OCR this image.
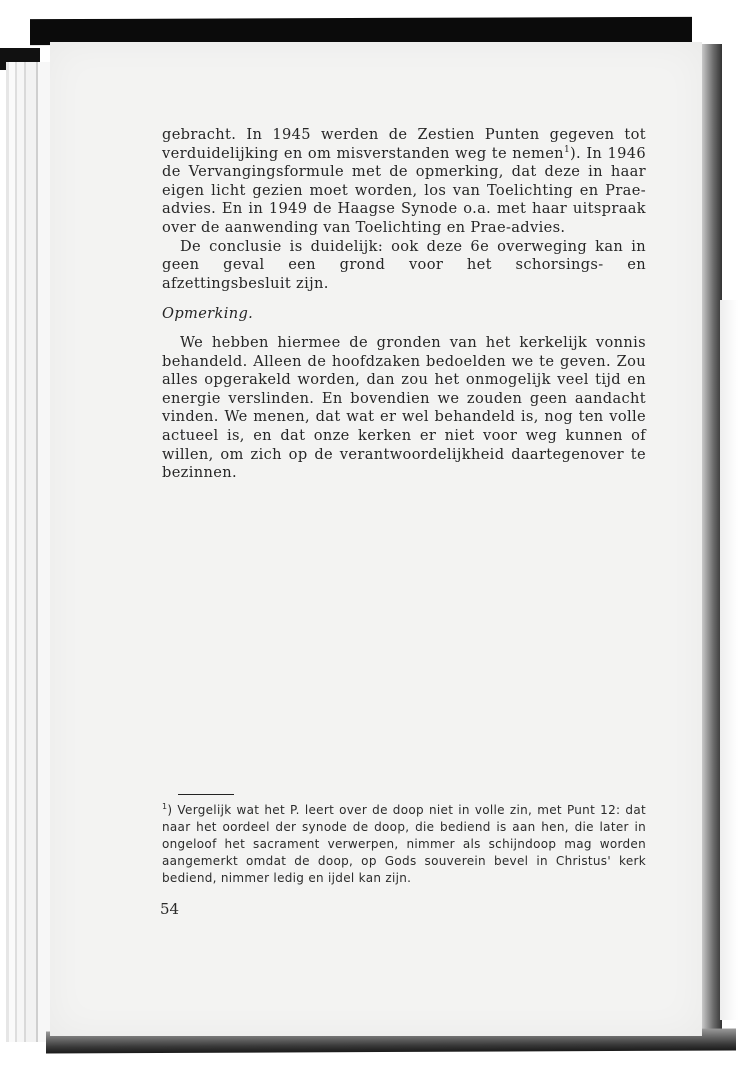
gebracht. In 1945 werden de Zestien Punten gegeven tot verduidelijking en om misverstanden weg te nemen$^1$). In 1946 de Vervangingsformule met de opmerking, dat deze in haar eigen licht gezien moet worden, los van Toelichting en Prae-advies. En in 1949 de Haagse Synode o.a. met haar uitspraak over de aanwending van Toelichting en Prae-advies.

De conclusie is duidelijk: ook deze 6e overweging kan in geen geval een grond voor het schorsings- en afzettingsbesluit zijn.

Opmerking.

We hebben hiermee de gronden van het kerkelijk vonnis behandeld. Alleen de hoofdzaken bedoelden we te geven. Zou alles opgerakeld worden, dan zou het onmogelijk veel tijd en energie verslinden. En bovendien we zouden geen aandacht vinden. We menen, dat wat er wel behandeld is, nog ten volle actueel is, en dat onze kerken er niet voor weg kunnen of willen, om zich op de verantwoordelijkheid daartegenover te bezinnen.

$^1$) Vergelijk wat het P. leert over de doop niet in volle zin, met Punt 12: dat naar het oordeel der synode de doop, die bediend is aan hen, die later in ongeloof het sacrament verwerpen, nimmer als schijndoop mag worden aangemerkt omdat de doop, op Gods souverein bevel in Christus' kerk bediend, nimmer ledig en ijdel kan zijn.
54
